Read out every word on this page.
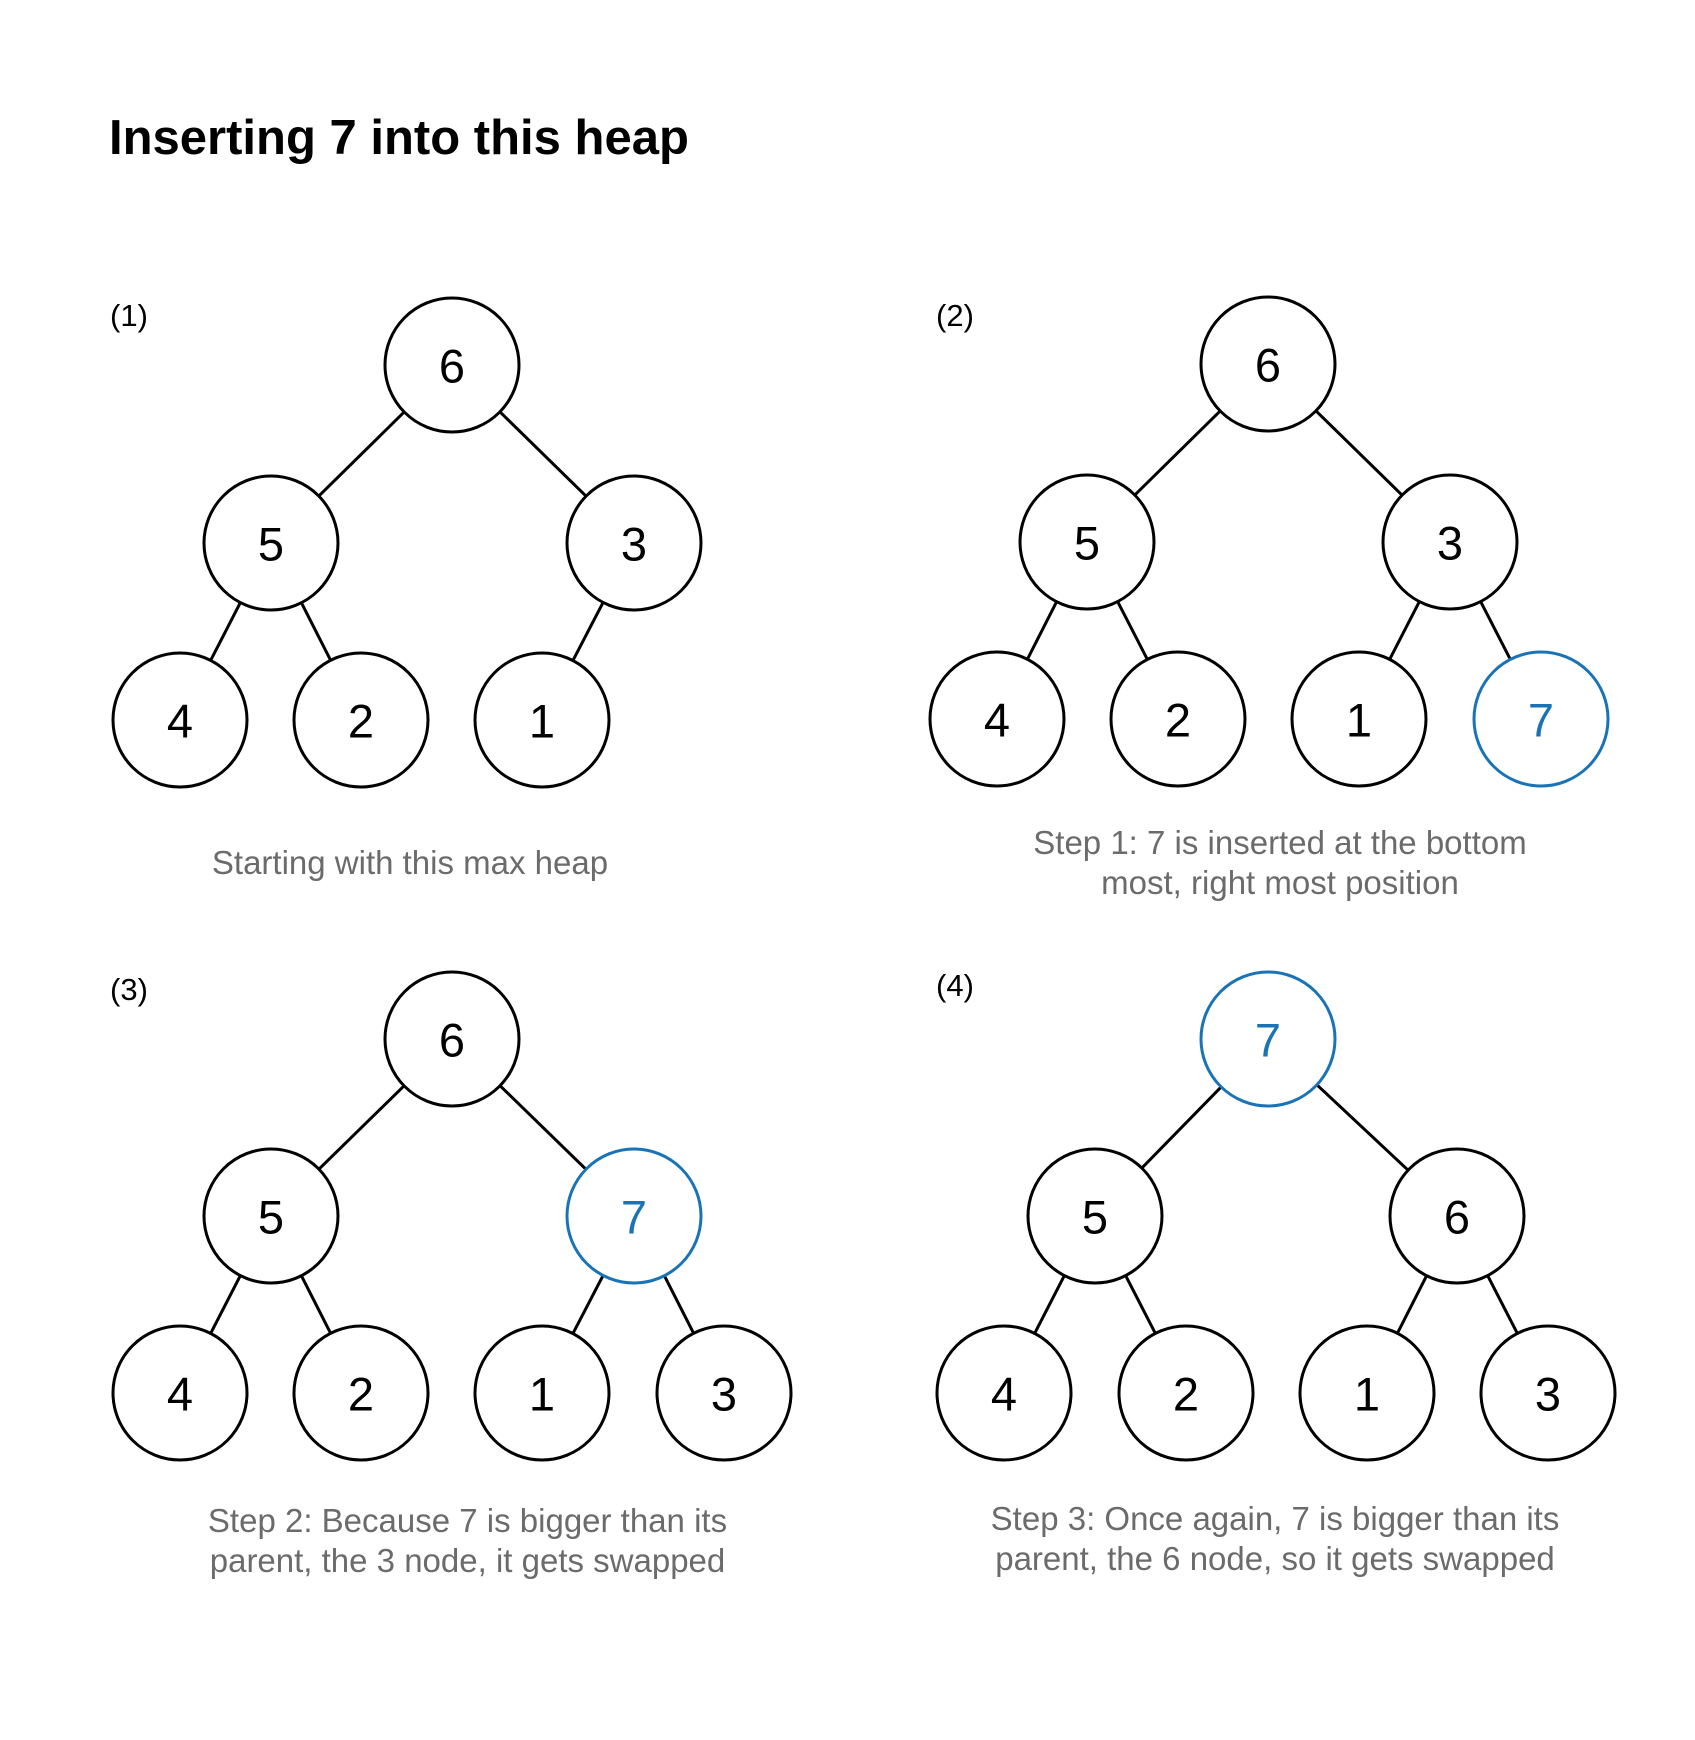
Inserting 7 into this heap
(1)
6
5	3
4	2	1

Starting with this max heap

(2)
6
5	3
4	2	1	7

Step 1: 7 is inserted at the bottom most, right most position

(3)
6
5	7
4	2	1	3

Step 2: Because 7 is bigger than its parent, the 3 node, it gets swapped

(4)
7
5	6
4	2	1	3

Step 3: Once again, 7 is bigger than its parent, the 6 node, so it gets swapped
